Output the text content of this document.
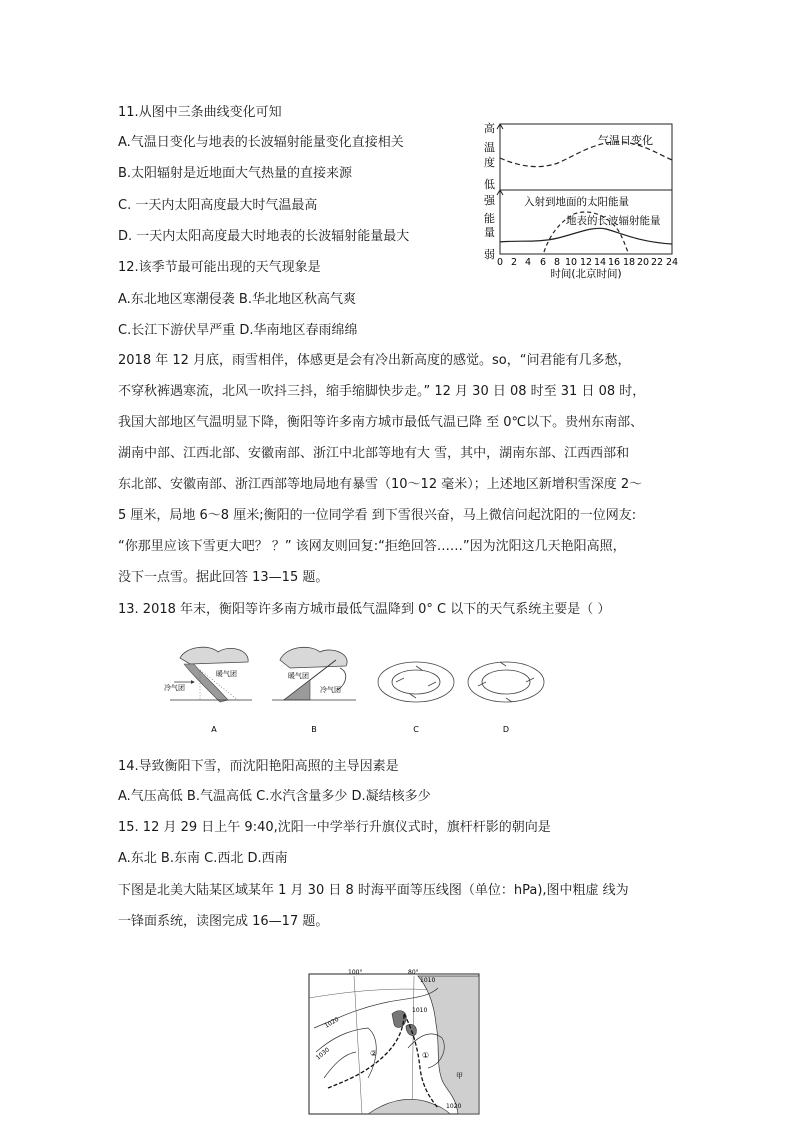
11.从图中三条曲线变化可知
A.气温日变化与地表的长波辐射能量变化直接相关
B.太阳辐射是近地面大气热量的直接来源
C. 一天内太阳高度最大时气温最高
D. 一天内太阳高度最大时地表的长波辐射能量最大
12.该季节最可能出现的天气现象是
A.东北地区寒潮侵袭 B.华北地区秋高气爽
C.长江下游伏旱严重 D.华南地区春雨绵绵
2018 年 12 月底，雨雪相伴，体感更是会有冷出新高度的感觉。so，“问君能有几多愁，
不穿秋裤遇寒流，北风一吹抖三抖，缩手缩脚快步走。” 12 月 30 日 08 时至 31 日 08 时，
我国大部地区气温明显下降，衡阳等许多南方城市最低气温已降 至 0℃以下。贵州东南部、
湖南中部、江西北部、安徽南部、浙江中北部等地有大 雪，其中，湖南东部、江西西部和
东北部、安徽南部、浙江西部等地局地有暴雪（10～12 毫米）；上述地区新增积雪深度 2～
5 厘米，局地 6～8 厘米;衡阳的一位同学看 到下雪很兴奋，马上微信问起沈阳的一位网友:
“你那里应该下雪更大吧？ ？” 该网友则回复:“拒绝回答……”因为沈阳这几天艳阳高照，
没下一点雪。据此回答 13—15 题。
13. 2018 年末，衡阳等许多南方城市最低气温降到 0° C 以下的天气系统主要是（ ）
14.导致衡阳下雪，而沈阳艳阳高照的主导因素是
A.气压高低 B.气温高低 C.水汽含量多少 D.凝结核多少
15. 12 月 29 日上午 9:40,沈阳一中学举行升旗仪式时，旗杆杆影的朝向是
A.东北 B.东南 C.西北 D.西南
下图是北美大陆某区域某年 1 月 30 日 8 时海平面等压线图（单位：hPa),图中粗虚 线为
一锋面系统，读图完成 16—17 题。
高
温
度
低
强
能
量
弱
气温日变化
入射到地面的太阳能量
地表的长波辐射能量
0 2 4 6 8 10 12 14 16 18 20 22 24
时间(北京时间)
冷气团
暖气团
A
暖气团
冷气团
B	C	D
100°	80°
1010
1020
1030
1010
1020
②	①
甲
